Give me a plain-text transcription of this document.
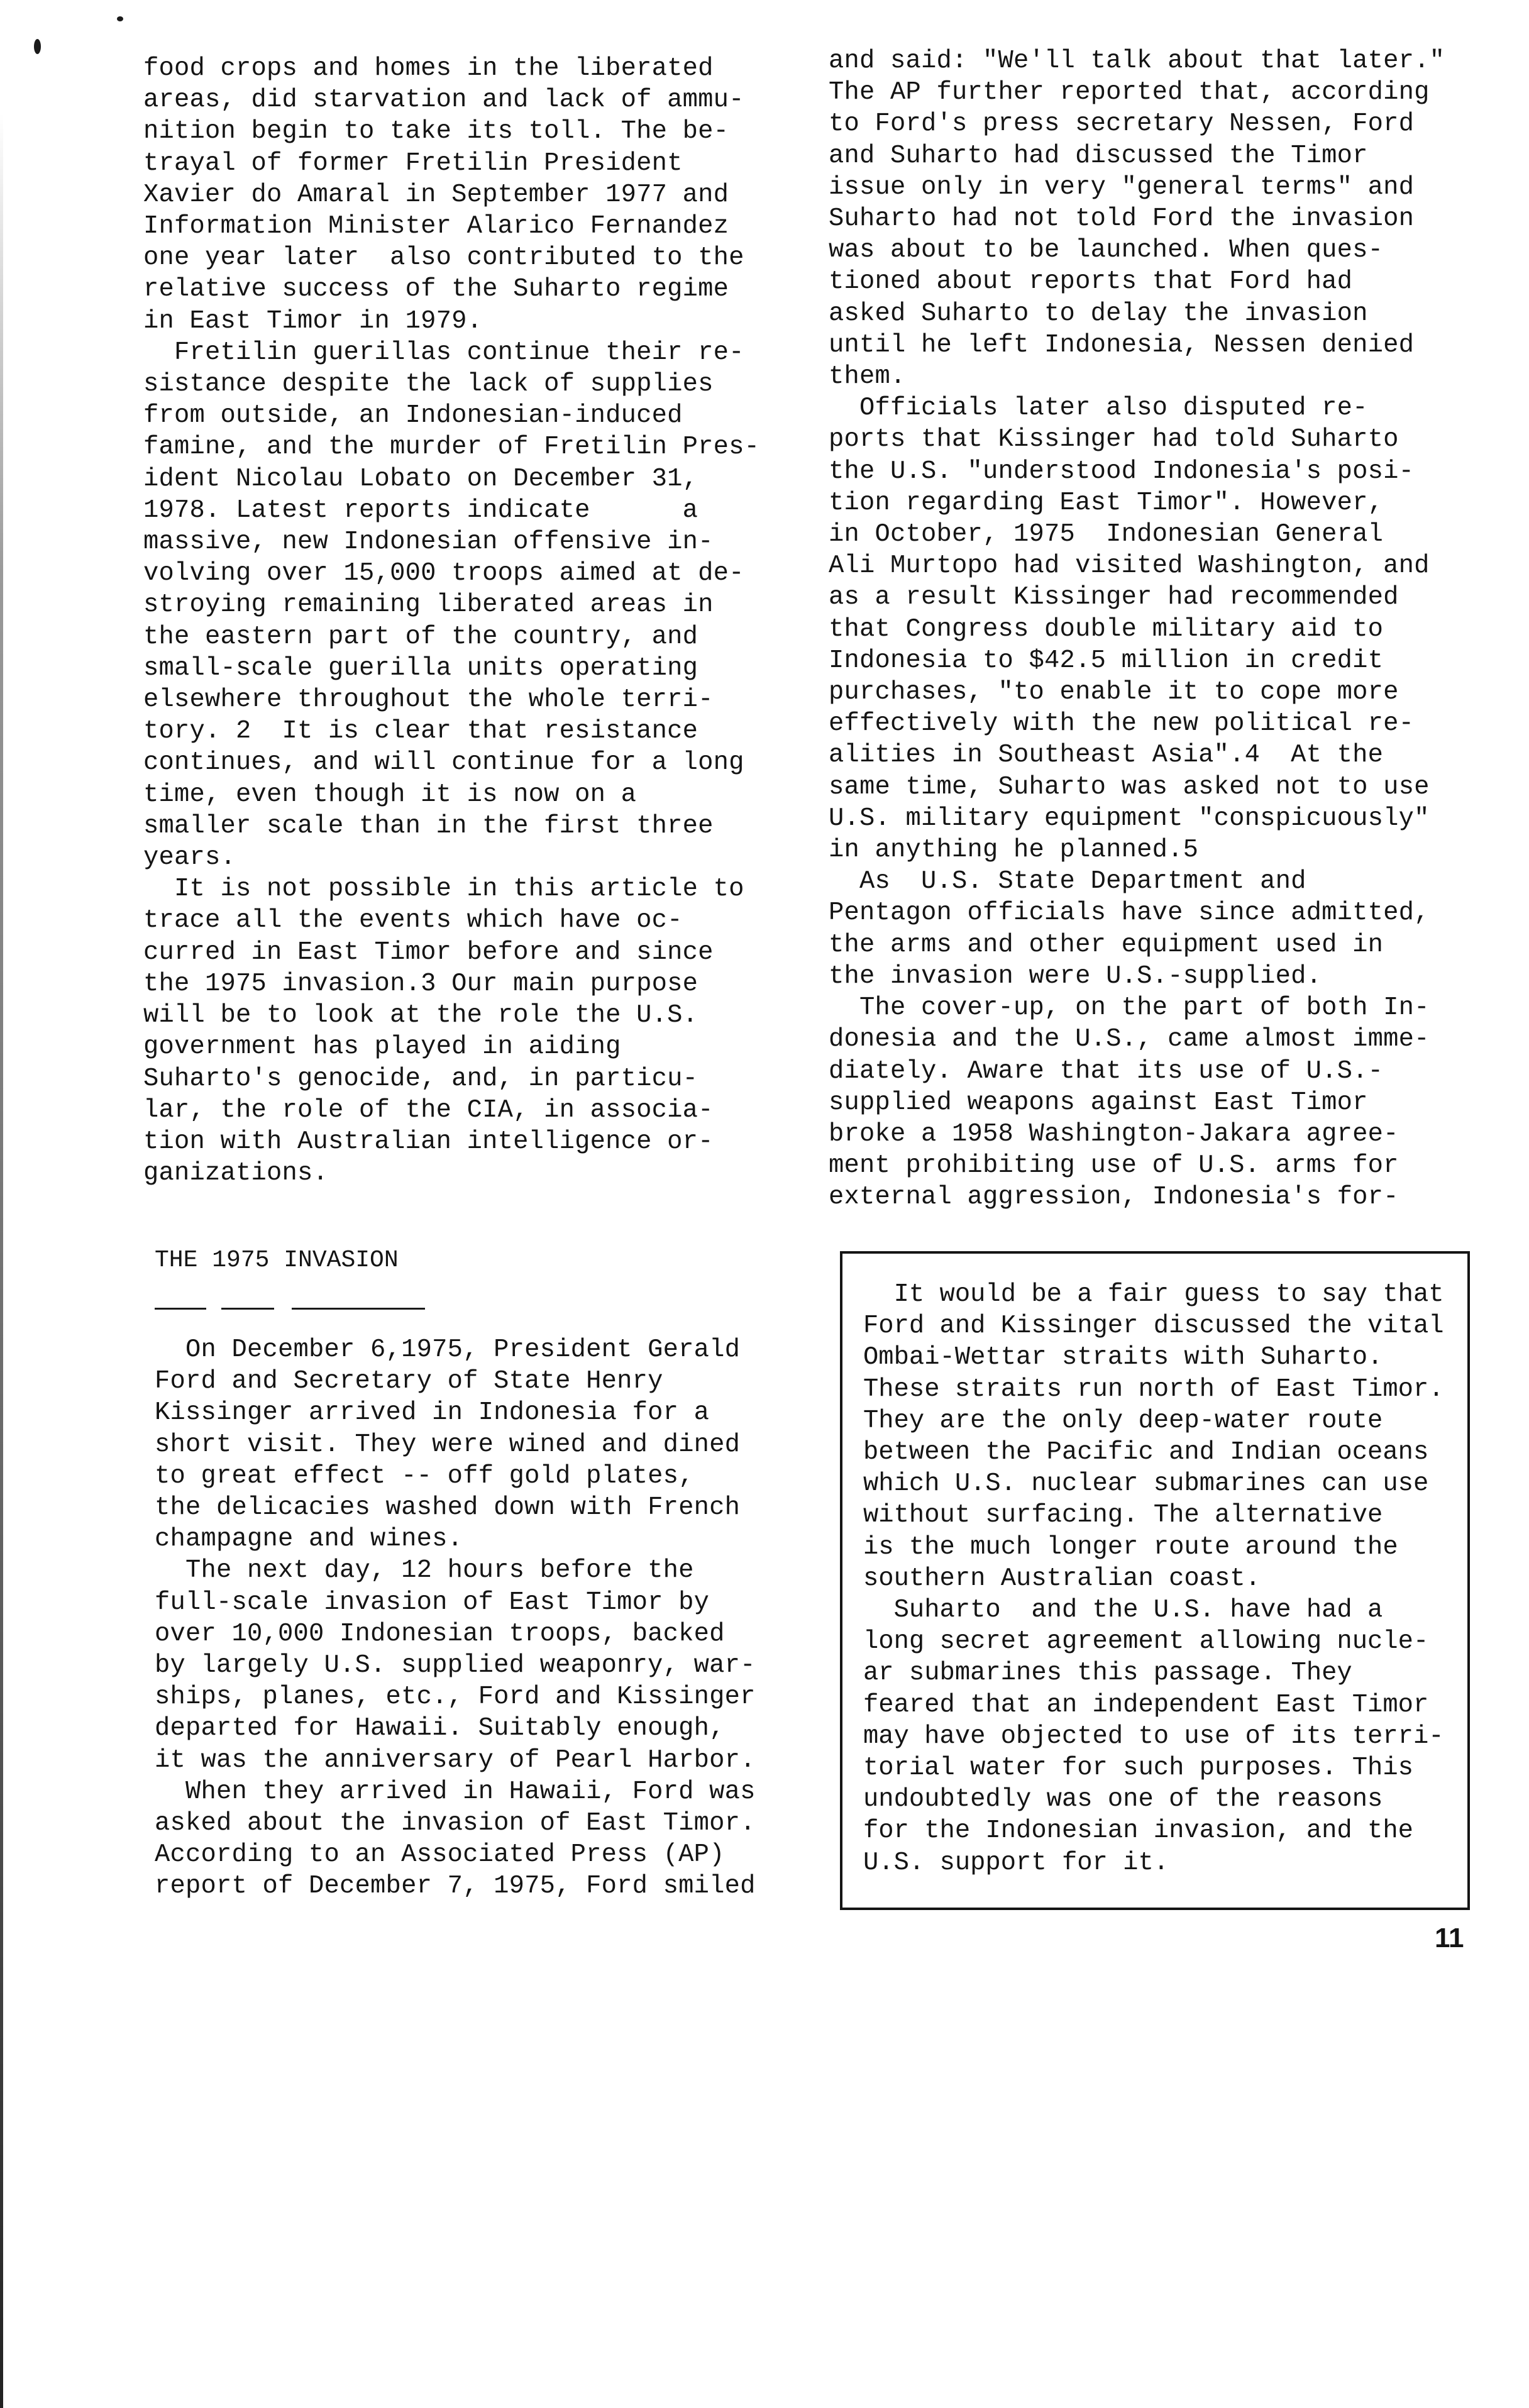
food crops and homes in the liberated

areas, did starvation and lack of ammu-

nition begin to take its toll. The be-

trayal of former Fretilin President

Xavier do Amaral in September 1977 and

Information Minister Alarico Fernandez

one year later  also contributed to the

relative success of the Suharto regime

in East Timor in 1979.

Fretilin guerillas continue their re-

sistance despite the lack of supplies

from outside, an Indonesian-induced

famine, and the murder of Fretilin Pres-

ident Nicolau Lobato on December 31,

1978. Latest reports indicate      a

massive, new Indonesian offensive in-

volving over 15,000 troops aimed at de-

stroying remaining liberated areas in

the eastern part of the country, and

small-scale guerilla units operating

elsewhere throughout the whole terri-

tory. 2  It is clear that resistance

continues, and will continue for a long

time, even though it is now on a

smaller scale than in the first three

years.

It is not possible in this article to

trace all the events which have oc-

curred in East Timor before and since

the 1975 invasion.3 Our main purpose

will be to look at the role the U.S.

government has played in aiding

Suharto's genocide, and, in particu-

lar, the role of the CIA, in associa-

tion with Australian intelligence or-

ganizations.

THE 1975 INVASION

On December 6,1975, President Gerald

Ford and Secretary of State Henry

Kissinger arrived in Indonesia for a

short visit. They were wined and dined

to great effect -- off gold plates,

the delicacies washed down with French

champagne and wines.

The next day, 12 hours before the

full-scale invasion of East Timor by

over 10,000 Indonesian troops, backed

by largely U.S. supplied weaponry, war-

ships, planes, etc., Ford and Kissinger

departed for Hawaii. Suitably enough,

it was the anniversary of Pearl Harbor.

When they arrived in Hawaii, Ford was

asked about the invasion of East Timor.

According to an Associated Press (AP)

report of December 7, 1975, Ford smiled

and said: "We'll talk about that later."

The AP further reported that, according

to Ford's press secretary Nessen, Ford

and Suharto had discussed the Timor

issue only in very "general terms" and

Suharto had not told Ford the invasion

was about to be launched. When ques-

tioned about reports that Ford had

asked Suharto to delay the invasion

until he left Indonesia, Nessen denied

them.

Officials later also disputed re-

ports that Kissinger had told Suharto

the U.S. "understood Indonesia's posi-

tion regarding East Timor". However,

in October, 1975  Indonesian General

Ali Murtopo had visited Washington, and

as a result Kissinger had recommended

that Congress double military aid to

Indonesia to $42.5 million in credit

purchases, "to enable it to cope more

effectively with the new political re-

alities in Southeast Asia".4  At the

same time, Suharto was asked not to use

U.S. military equipment "conspicuously"

in anything he planned.5

As  U.S. State Department and

Pentagon officials have since admitted,

the arms and other equipment used in

the invasion were U.S.-supplied.

The cover-up, on the part of both In-

donesia and the U.S., came almost imme-

diately. Aware that its use of U.S.-

supplied weapons against East Timor

broke a 1958 Washington-Jakara agree-

ment prohibiting use of U.S. arms for

external aggression, Indonesia's for-

It would be a fair guess to say that

Ford and Kissinger discussed the vital

Ombai-Wettar straits with Suharto.

These straits run north of East Timor.

They are the only deep-water route

between the Pacific and Indian oceans

which U.S. nuclear submarines can use

without surfacing. The alternative

is the much longer route around the

southern Australian coast.

Suharto  and the U.S. have had a

long secret agreement allowing nucle-

ar submarines this passage. They

feared that an independent East Timor

may have objected to use of its terri-

torial water for such purposes. This

undoubtedly was one of the reasons

for the Indonesian invasion, and the

U.S. support for it.

11
